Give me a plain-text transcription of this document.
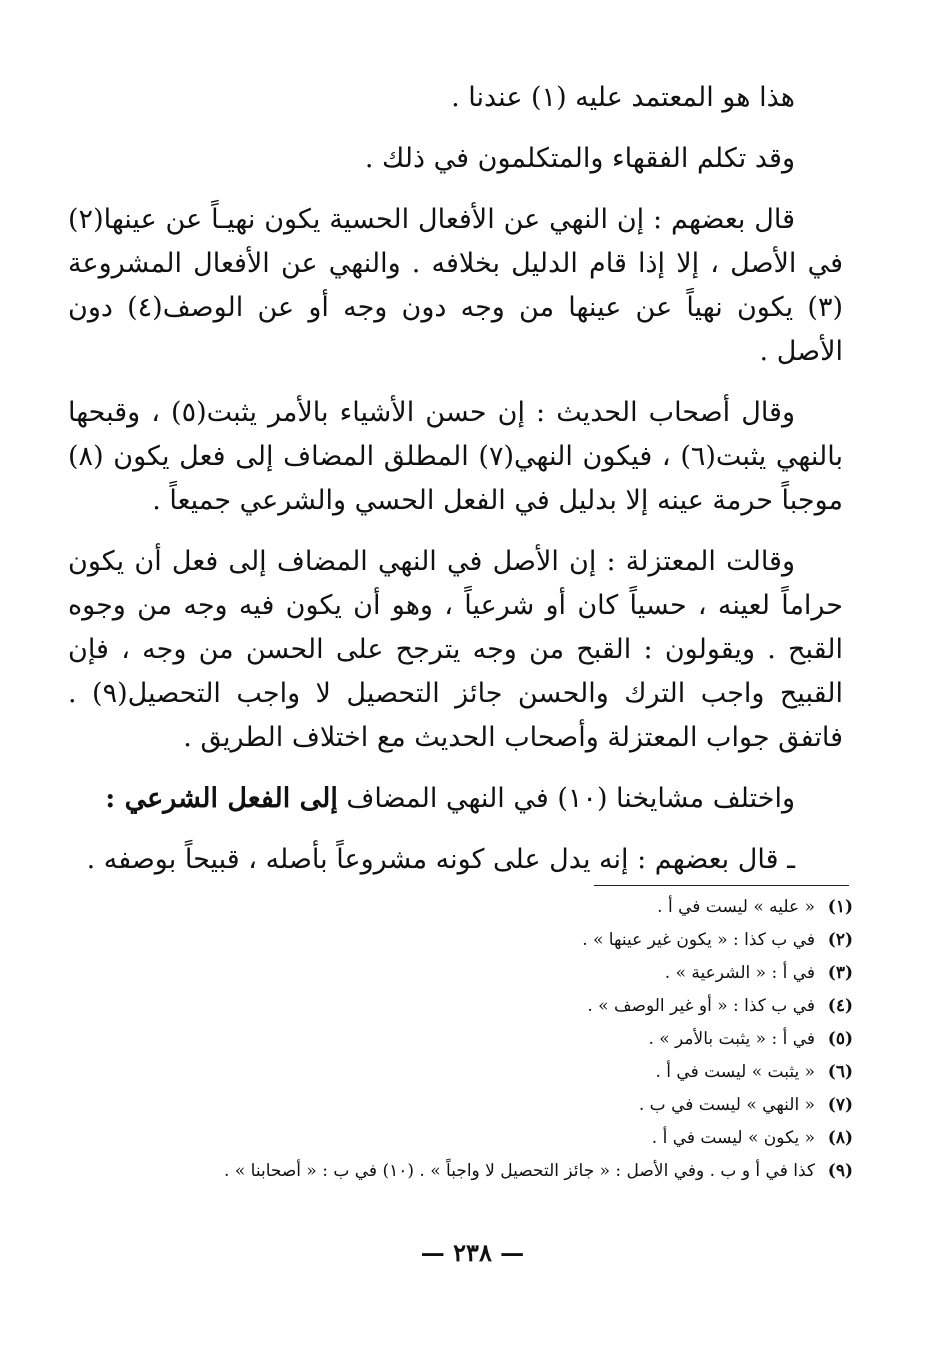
هذا هو المعتمد عليه (١) عندنا .

وقد تكلم الفقهاء والمتكلمون في ذلك .

قال بعضهم : إن النهي عن الأفعال الحسية يكون نهيـاً عن عينها(٢) في الأصل ، إلا إذا قام الدليل بخلافه . والنهي عن الأفعال المشروعة (٣) يكون نهياً عن عينها من وجه دون وجه أو عن الوصف(٤) دون الأصل .

وقال أصحاب الحديث : إن حسن الأشياء بالأمر يثبت(٥) ، وقبحها بالنهي يثبت(٦) ، فيكون النهي(٧) المطلق المضاف إلى فعل يكون (٨) موجباً حرمة عينه إلا بدليل في الفعل الحسي والشرعي جميعاً .

وقالت المعتزلة : إن الأصل في النهي المضاف إلى فعل أن يكون حراماً لعينه ، حسياً كان أو شرعياً ، وهو أن يكون فيه وجه من وجوه القبح . ويقولون : القبح من وجه يترجح على الحسن من وجه ، فإن القبيح واجب الترك والحسن جائز التحصيل لا واجب التحصيل(٩) . فاتفق جواب المعتزلة وأصحاب الحديث مع اختلاف الطريق .

واختلف مشايخنا (١٠) في النهي المضاف إلى الفعل الشرعي :

ـ قال بعضهم : إنه يدل على كونه مشروعاً بأصله ، قبيحاً بوصفه .

(١)« عليه » ليست في أ .
(٢)في ب كذا : « يكون غير عينها » .
(٣)في أ : « الشرعية » .
(٤)في ب كذا : « أو غير الوصف » .
(٥)في أ : « يثبت بالأمر » .
(٦)« يثبت » ليست في أ .
(٧)« النهي » ليست في ب .
(٨)« يكون » ليست في أ .
(٩)كذا في أ و ب . وفي الأصل : « جائز التحصيل لا واجباً » . (١٠) في ب : « أصحابنا » .
— ٢٣٨ —
